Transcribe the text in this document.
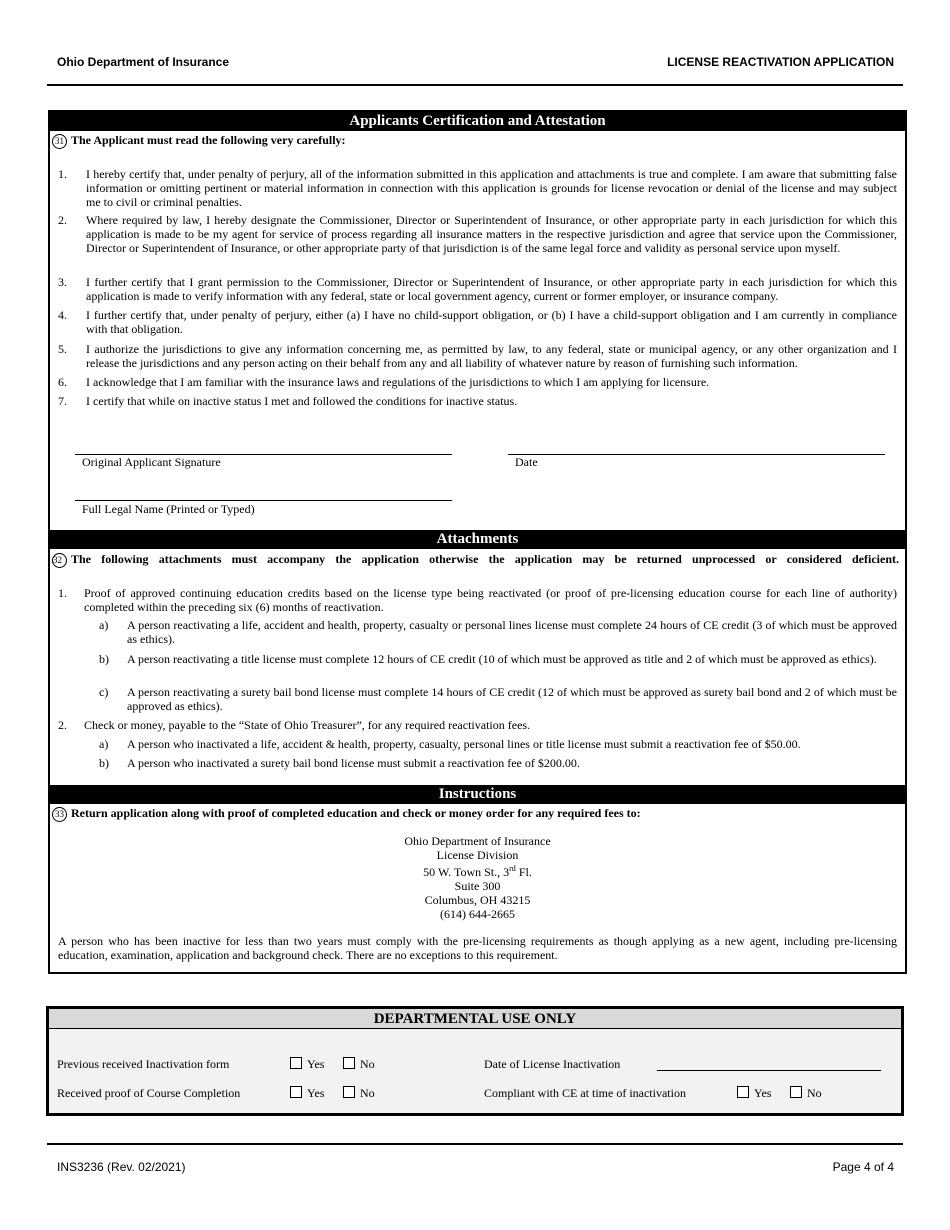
Ohio Department of Insurance	LICENSE REACTIVATION APPLICATION
Applicants Certification and Attestation
31 The Applicant must read the following very carefully:
1. I hereby certify that, under penalty of perjury, all of the information submitted in this application and attachments is true and complete. I am aware that submitting false information or omitting pertinent or material information in connection with this application is grounds for license revocation or denial of the license and may subject me to civil or criminal penalties.
2. Where required by law, I hereby designate the Commissioner, Director or Superintendent of Insurance, or other appropriate party in each jurisdiction for which this application is made to be my agent for service of process regarding all insurance matters in the respective jurisdiction and agree that service upon the Commissioner, Director or Superintendent of Insurance, or other appropriate party of that jurisdiction is of the same legal force and validity as personal service upon myself.
3. I further certify that I grant permission to the Commissioner, Director or Superintendent of Insurance, or other appropriate party in each jurisdiction for which this application is made to verify information with any federal, state or local government agency, current or former employer, or insurance company.
4. I further certify that, under penalty of perjury, either (a) I have no child-support obligation, or (b) I have a child-support obligation and I am currently in compliance with that obligation.
5. I authorize the jurisdictions to give any information concerning me, as permitted by law, to any federal, state or municipal agency, or any other organization and I release the jurisdictions and any person acting on their behalf from any and all liability of whatever nature by reason of furnishing such information.
6. I acknowledge that I am familiar with the insurance laws and regulations of the jurisdictions to which I am applying for licensure.
7. I certify that while on inactive status I met and followed the conditions for inactive status.
Original Applicant Signature	Date
Full Legal Name (Printed or Typed)
Attachments
32 The following attachments must accompany the application otherwise the application may be returned unprocessed or considered deficient.
1. Proof of approved continuing education credits based on the license type being reactivated (or proof of pre-licensing education course for each line of authority) completed within the preceding six (6) months of reactivation.
a) A person reactivating a life, accident and health, property, casualty or personal lines license must complete 24 hours of CE credit (3 of which must be approved as ethics).
b) A person reactivating a title license must complete 12 hours of CE credit (10 of which must be approved as title and 2 of which must be approved as ethics).
c) A person reactivating a surety bail bond license must complete 14 hours of CE credit (12 of which must be approved as surety bail bond and 2 of which must be approved as ethics).
2. Check or money, payable to the “State of Ohio Treasurer”, for any required reactivation fees.
a) A person who inactivated a life, accident & health, property, casualty, personal lines or title license must submit a reactivation fee of $50.00.
b) A person who inactivated a surety bail bond license must submit a reactivation fee of $200.00.
Instructions
33 Return application along with proof of completed education and check or money order for any required fees to:
Ohio Department of Insurance
License Division
50 W. Town St., 3rd Fl.
Suite 300
Columbus, OH 43215
(614) 644-2665
A person who has been inactive for less than two years must comply with the pre-licensing requirements as though applying as a new agent, including pre-licensing education, examination, application and background check. There are no exceptions to this requirement.
DEPARTMENTAL USE ONLY
Previous received Inactivation form	Yes	No	Date of License Inactivation
Received proof of Course Completion	Yes	No	Compliant with CE at time of inactivation	Yes	No
INS3236 (Rev. 02/2021)	Page 4 of 4
